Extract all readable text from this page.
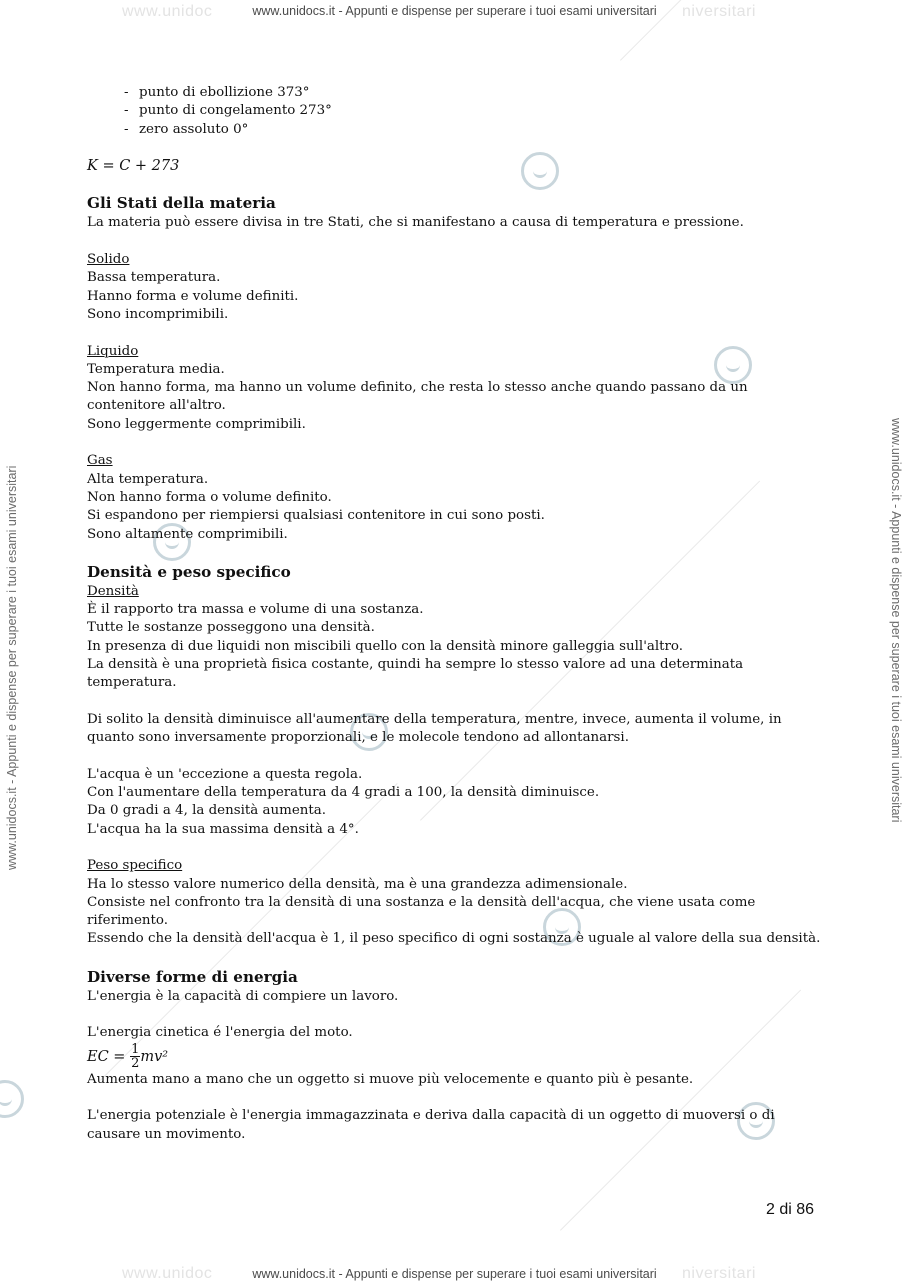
www.unidoc	niversitari
www.unidoc	niversitari
www.unidocs.it - Appunti e dispense per superare i tuoi esami universitari
www.unidocs.it - Appunti e dispense per superare i tuoi esami universitari
www.unidocs.it - Appunti e dispense per superare i tuoi esami universitari	www.unidocs.it - Appunti e dispense per superare i tuoi esami universitari
- punto di ebollizione 373°
- punto di congelamento 273°
- zero assoluto 0°

K = C + 273

Gli Stati della materia

La materia può essere divisa in tre Stati, che si manifestano a causa di temperatura e pressione.

Solido

Bassa temperatura.

Hanno forma e volume definiti.

Sono incomprimibili.

Liquido

Temperatura media.

Non hanno forma, ma hanno un volume definito, che resta lo stesso anche quando passano da un contenitore all'altro.

Sono leggermente comprimibili.

Gas

Alta temperatura.

Non hanno forma o volume definito.

Si espandono per riempiersi qualsiasi contenitore in cui sono posti.

Sono altamente comprimibili.

Densità e peso specifico

Densità

È il rapporto tra massa e volume di una sostanza.

Tutte le sostanze posseggono una densità.

In presenza di due liquidi non miscibili quello con la densità minore galleggia sull'altro.

La densità è una proprietà fisica costante, quindi ha sempre lo stesso valore ad una determinata temperatura.

Di solito la densità diminuisce all'aumentare della temperatura, mentre, invece, aumenta il volume, in quanto sono inversamente proporzionali, e le molecole tendono ad allontanarsi.

L'acqua è un 'eccezione a questa regola.

Con l'aumentare della temperatura da 4 gradi a 100, la densità diminuisce.

Da 0 gradi a 4, la densità aumenta.

L'acqua ha la sua massima densità a 4°.

Peso specifico

Ha lo stesso valore numerico della densità, ma è una grandezza adimensionale.

Consiste nel confronto tra la densità di una sostanza e la densità dell'acqua, che viene usata come riferimento.

Essendo che la densità dell'acqua è 1, il peso specifico di ogni sostanza è uguale al valore della sua densità.

Diverse forme di energia

L'energia è la capacità di compiere un lavoro.

L'energia cinetica é l'energia del moto.

EC = $\frac{1}{2} mv^2$

Aumenta mano a mano che un oggetto si muove più velocemente e quanto più è pesante.

L'energia potenziale è l'energia immagazzinata e deriva dalla capacità di un oggetto di muoversi o di causare un movimento.

2 di 86
